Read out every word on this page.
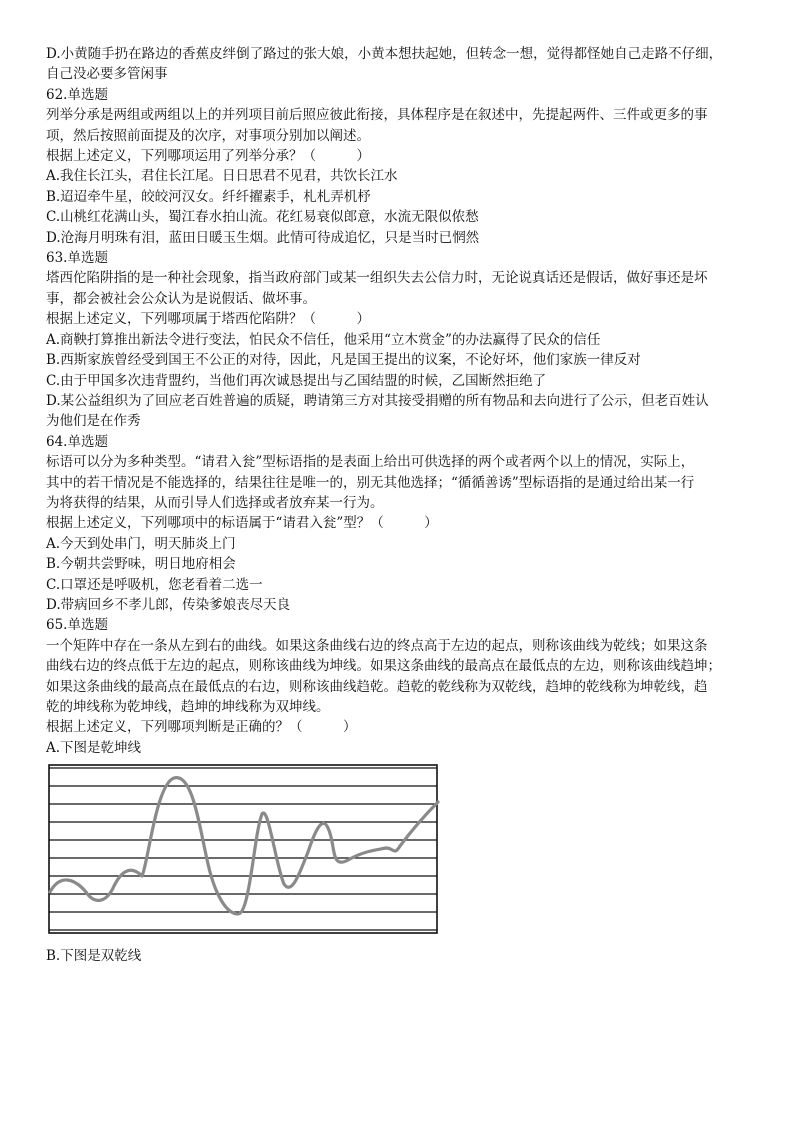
D.小黄随手扔在路边的香蕉皮绊倒了路过的张大娘，小黄本想扶起她，但转念一想，觉得都怪她自己走路不仔细，
自己没必要多管闲事
62.单选题
列举分承是两组或两组以上的并列项目前后照应彼此衔接，具体程序是在叙述中，先提起两件、三件或更多的事
项，然后按照前面提及的次序，对事项分别加以阐述。
根据上述定义，下列哪项运用了列举分承？（　　　）
A.我住长江头，君住长江尾。日日思君不见君，共饮长江水
B.迢迢牵牛星，皎皎河汉女。纤纤擢素手，札札弄机杼
C.山桃红花满山头，蜀江春水拍山流。花红易衰似郎意，水流无限似侬愁
D.沧海月明珠有泪，蓝田日暖玉生烟。此情可待成追忆，只是当时已惘然
63.单选题
塔西佗陷阱指的是一种社会现象，指当政府部门或某一组织失去公信力时，无论说真话还是假话，做好事还是坏
事，都会被社会公众认为是说假话、做坏事。
根据上述定义，下列哪项属于塔西佗陷阱？（　　　）
A.商鞅打算推出新法令进行变法，怕民众不信任，他采用“立木赏金”的办法赢得了民众的信任
B.西斯家族曾经受到国王不公正的对待，因此，凡是国王提出的议案，不论好坏，他们家族一律反对
C.由于甲国多次违背盟约，当他们再次诚恳提出与乙国结盟的时候，乙国断然拒绝了
D.某公益组织为了回应老百姓普遍的质疑，聘请第三方对其接受捐赠的所有物品和去向进行了公示，但老百姓认
为他们是在作秀
64.单选题
标语可以分为多种类型。“请君入瓮”型标语指的是表面上给出可供选择的两个或者两个以上的情况，实际上，
其中的若干情况是不能选择的，结果往往是唯一的，别无其他选择；“循循善诱”型标语指的是通过给出某一行
为将获得的结果，从而引导人们选择或者放弃某一行为。
根据上述定义，下列哪项中的标语属于“请君入瓮”型？（　　　）
A.今天到处串门，明天肺炎上门
B.今朝共尝野味，明日地府相会
C.口罩还是呼吸机，您老看着二选一
D.带病回乡不孝儿郎，传染爹娘丧尽天良
65.单选题
一个矩阵中存在一条从左到右的曲线。如果这条曲线右边的终点高于左边的起点，则称该曲线为乾线；如果这条
曲线右边的终点低于左边的起点，则称该曲线为坤线。如果这条曲线的最高点在最低点的左边，则称该曲线趋坤；
如果这条曲线的最高点在最低点的右边，则称该曲线趋乾。趋乾的乾线称为双乾线，趋坤的乾线称为坤乾线，趋
乾的坤线称为乾坤线，趋坤的坤线称为双坤线。
根据上述定义，下列哪项判断是正确的？（　　　）
A.下图是乾坤线
B.下图是双乾线
